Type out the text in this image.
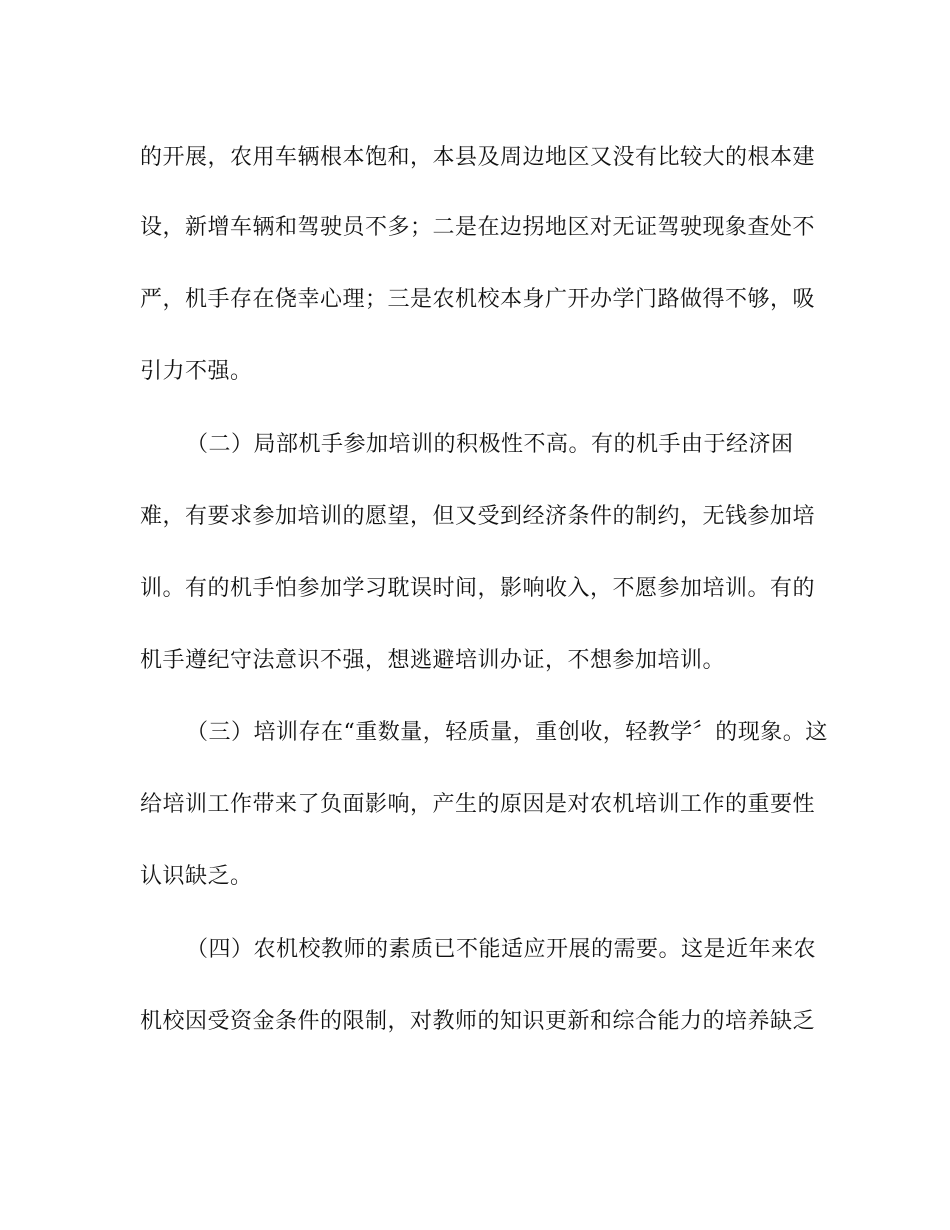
的开展，农用车辆根本饱和，本县及周边地区又没有比较大的根本建
设，新增车辆和驾驶员不多；二是在边拐地区对无证驾驶现象查处不
严，机手存在侥幸心理；三是农机校本身广开办学门路做得不够，吸
引力不强。
（二）局部机手参加培训的积极性不高。有的机手由于经济困
难，有要求参加培训的愿望，但又受到经济条件的制约，无钱参加培
训。有的机手怕参加学习耽误时间，影响收入，不愿参加培训。有的
机手遵纪守法意识不强，想逃避培训办证，不想参加培训。
（三）培训存在“重数量，轻质量，重创收，轻教学〞的现象。这
给培训工作带来了负面影响，产生的原因是对农机培训工作的重要性
认识缺乏。
（四）农机校教师的素质已不能适应开展的需要。这是近年来农
机校因受资金条件的限制，对教师的知识更新和综合能力的培养缺乏
